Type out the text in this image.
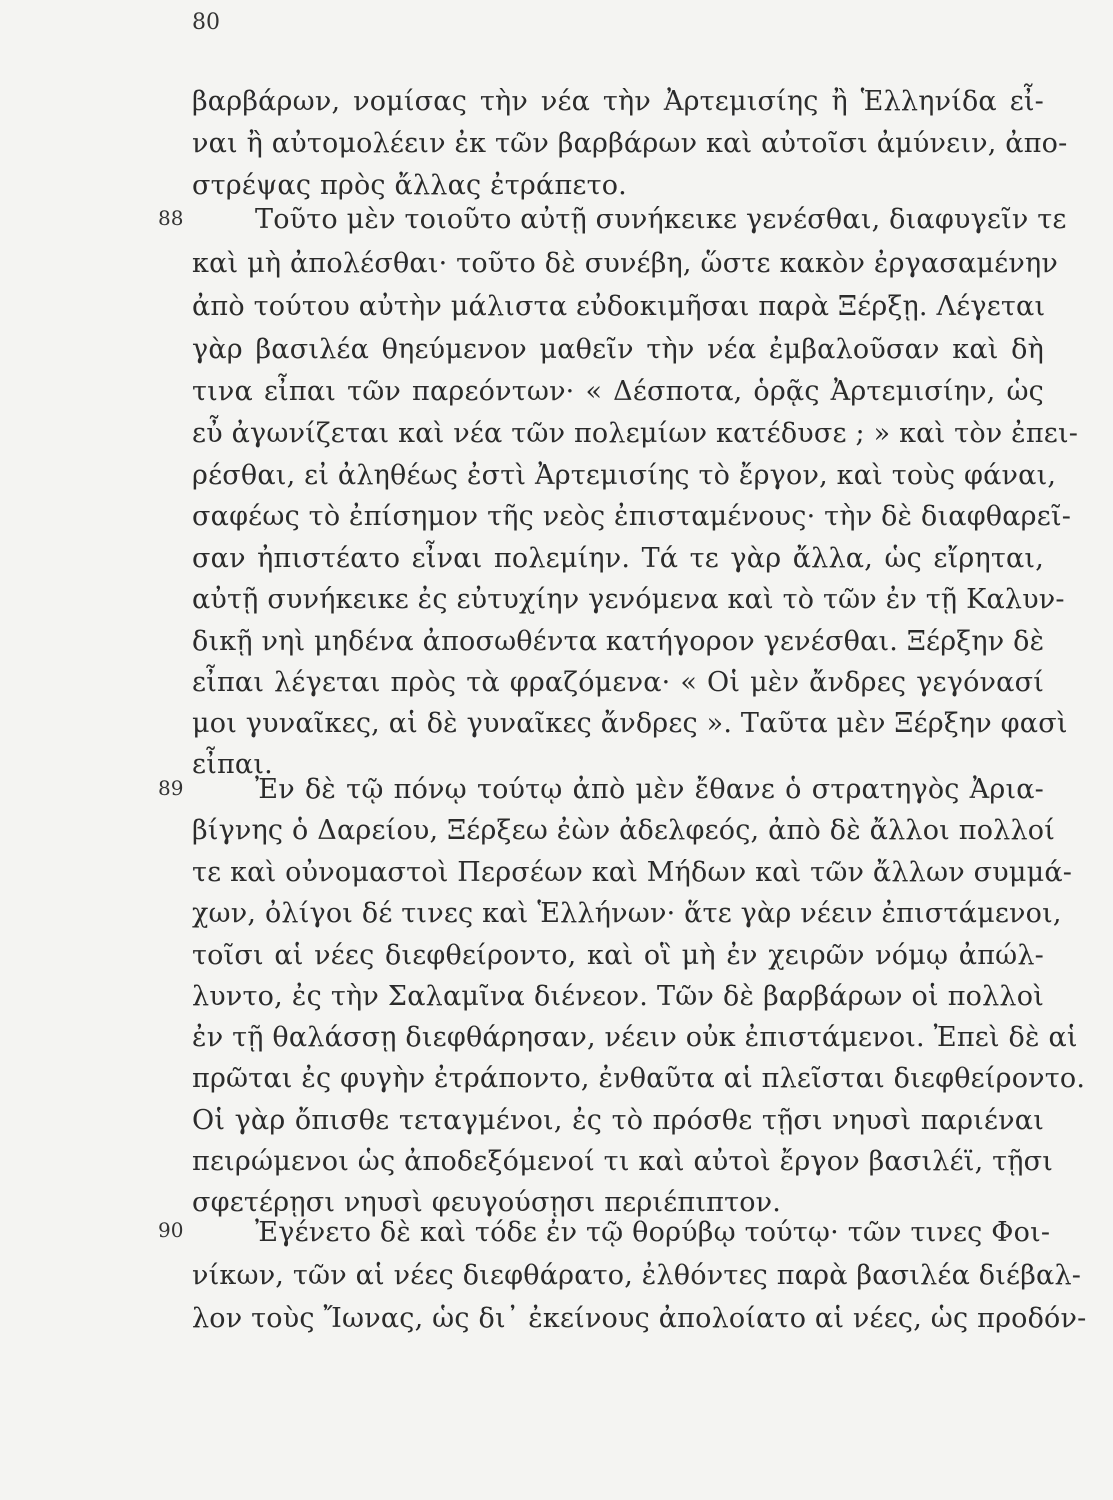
80
βαρβάρων, νομίσας τὴν νέα τὴν Ἀρτεμισίης ἢ Ἑλληνίδα εἶ-
ναι ἢ αὐτομολέειν ἐκ τῶν βαρβάρων καὶ αὐτοῖσι ἀμύνειν, ἀπο-
στρέψας πρὸς ἄλλας ἐτράπετο.
88	Τοῦτο μὲν τοιοῦτο αὐτῇ συνήκεικε γενέσθαι, διαφυγεῖν τε
καὶ μὴ ἀπολέσθαι· τοῦτο δὲ συνέβη, ὥστε κακὸν ἐργασαμένην
ἀπὸ τούτου αὐτὴν μάλιστα εὐδοκιμῆσαι παρὰ Ξέρξῃ. Λέγεται
γὰρ βασιλέα θηεύμενον μαθεῖν τὴν νέα ἐμβαλοῦσαν καὶ δὴ
τινα εἶπαι τῶν παρεόντων· « Δέσποτα, ὁρᾷς Ἀρτεμισίην, ὡς
εὖ ἀγωνίζεται καὶ νέα τῶν πολεμίων κατέδυσε ; » καὶ τὸν ἐπει-
ρέσθαι, εἰ ἀληθέως ἐστὶ Ἀρτεμισίης τὸ ἔργον, καὶ τοὺς φάναι,
σαφέως τὸ ἐπίσημον τῆς νεὸς ἐπισταμένους· τὴν δὲ διαφθαρεῖ-
σαν ἠπιστέατο εἶναι πολεμίην. Τά τε γὰρ ἄλλα, ὡς εἴρηται,
αὐτῇ συνήκεικε ἐς εὐτυχίην γενόμενα καὶ τὸ τῶν ἐν τῇ Καλυν-
δικῇ νηὶ μηδένα ἀποσωθέντα κατήγορον γενέσθαι. Ξέρξην δὲ
εἶπαι λέγεται πρὸς τὰ φραζόμενα· « Οἱ μὲν ἄνδρες γεγόνασί
μοι γυναῖκες, αἱ δὲ γυναῖκες ἄνδρες ». Ταῦτα μὲν Ξέρξην φασὶ
εἶπαι.
89	Ἐν δὲ τῷ πόνῳ τούτῳ ἀπὸ μὲν ἔθανε ὁ στρατηγὸς Ἀρια-
βίγνης ὁ Δαρείου, Ξέρξεω ἐὼν ἀδελφεός, ἀπὸ δὲ ἄλλοι πολλοί
τε καὶ οὐνομαστοὶ Περσέων καὶ Μήδων καὶ τῶν ἄλλων συμμά-
χων, ὀλίγοι δέ τινες καὶ Ἑλλήνων· ἅτε γὰρ νέειν ἐπιστάμενοι,
τοῖσι αἱ νέες διεφθείροντο, καὶ οἳ μὴ ἐν χειρῶν νόμῳ ἀπώλ-
λυντο, ἐς τὴν Σαλαμῖνα διένεον. Τῶν δὲ βαρβάρων οἱ πολλοὶ
ἐν τῇ θαλάσσῃ διεφθάρησαν, νέειν οὐκ ἐπιστάμενοι. Ἐπεὶ δὲ αἱ
πρῶται ἐς φυγὴν ἐτράποντο, ἐνθαῦτα αἱ πλεῖσται διεφθείροντο.
Οἱ γὰρ ὄπισθε τεταγμένοι, ἐς τὸ πρόσθε τῇσι νηυσὶ παριέναι
πειρώμενοι ὡς ἀποδεξόμενοί τι καὶ αὐτοὶ ἔργον βασιλέϊ, τῇσι
σφετέρῃσι νηυσὶ φευγούσῃσι περιέπιπτον.
90	Ἐγένετο δὲ καὶ τόδε ἐν τῷ θορύβῳ τούτῳ· τῶν τινες Φοι-
νίκων, τῶν αἱ νέες διεφθάρατο, ἐλθόντες παρὰ βασιλέα διέβαλ-
λον τοὺς Ἴωνας, ὡς δι᾽ ἐκείνους ἀπολοίατο αἱ νέες, ὡς προδόν-
